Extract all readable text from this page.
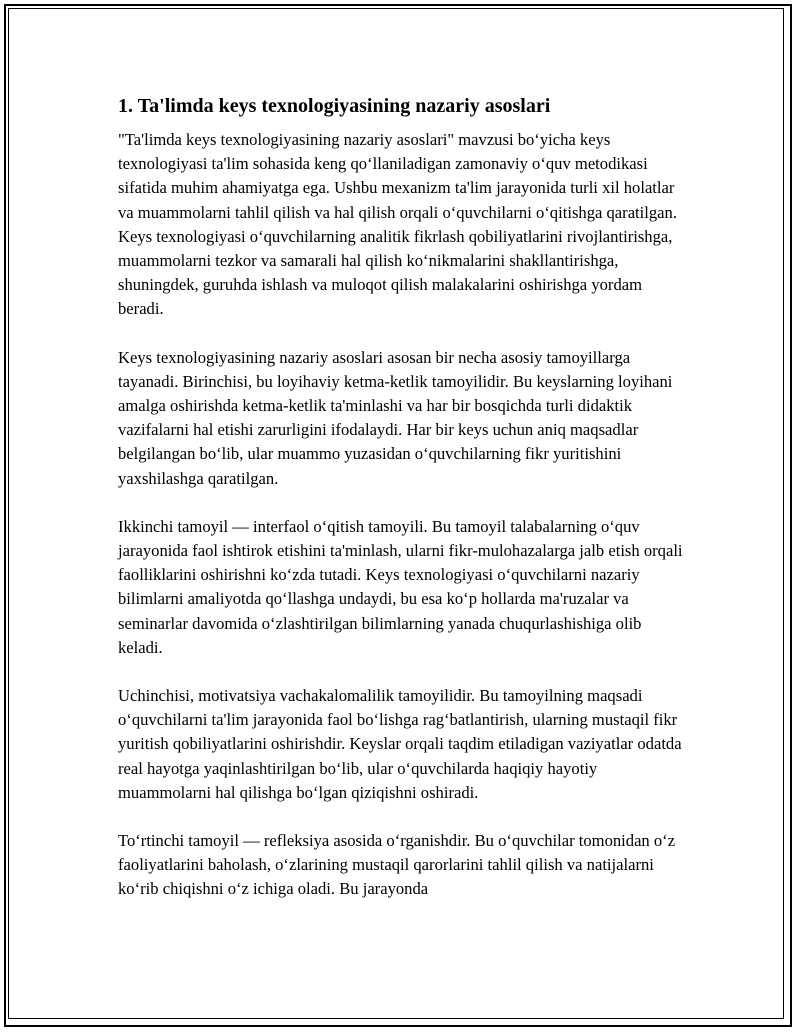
1. Ta'limda keys texnologiyasining nazariy asoslari

"Ta'limda keys texnologiyasining nazariy asoslari" mavzusi boʻyicha keys texnologiyasi ta'lim sohasida keng qoʻllaniladigan zamonaviy oʻquv metodikasi sifatida muhim ahamiyatga ega. Ushbu mexanizm ta'lim jarayonida turli xil holatlar va muammolarni tahlil qilish va hal qilish orqali oʻquvchilarni oʻqitishga qaratilgan. Keys texnologiyasi oʻquvchilarning analitik fikrlash qobiliyatlarini rivojlantirishga, muammolarni tezkor va samarali hal qilish koʻnikmalarini shakllantirishga, shuningdek, guruhda ishlash va muloqot qilish malakalarini oshirishga yordam beradi.

Keys texnologiyasining nazariy asoslari asosan bir necha asosiy tamoyillarga tayanadi. Birinchisi, bu loyihaviy ketma-ketlik tamoyilidir. Bu keyslarning loyihani amalga oshirishda ketma-ketlik ta'minlashi va har bir bosqichda turli didaktik vazifalarni hal etishi zarurligini ifodalaydi. Har bir keys uchun aniq maqsadlar belgilangan boʻlib, ular muammo yuzasidan oʻquvchilarning fikr yuritishini yaxshilashga qaratilgan.

Ikkinchi tamoyil — interfaol oʻqitish tamoyili. Bu tamoyil talabalarning oʻquv jarayonida faol ishtirok etishini ta'minlash, ularni fikr-mulohazalarga jalb etish orqali faolliklarini oshirishni koʻzda tutadi. Keys texnologiyasi oʻquvchilarni nazariy bilimlarni amaliyotda qoʻllashga undaydi, bu esa koʻp hollarda ma'ruzalar va seminarlar davomida oʻzlashtirilgan bilimlarning yanada chuqurlashishiga olib keladi.

Uchinchisi, motivatsiya vachakalomalilik tamoyilidir. Bu tamoyilning maqsadi oʻquvchilarni ta'lim jarayonida faol boʻlishga ragʻbatlantirish, ularning mustaqil fikr yuritish qobiliyatlarini oshirishdir. Keyslar orqali taqdim etiladigan vaziyatlar odatda real hayotga yaqinlashtirilgan boʻlib, ular oʻquvchilarda haqiqiy hayotiy muammolarni hal qilishga boʻlgan qiziqishni oshiradi.

Toʻrtinchi tamoyil — refleksiya asosida oʻrganishdir. Bu oʻquvchilar tomonidan oʻz faoliyatlarini baholash, oʻzlarining mustaqil qarorlarini tahlil qilish va natijalarni koʻrib chiqishni oʻz ichiga oladi. Bu jarayonda
